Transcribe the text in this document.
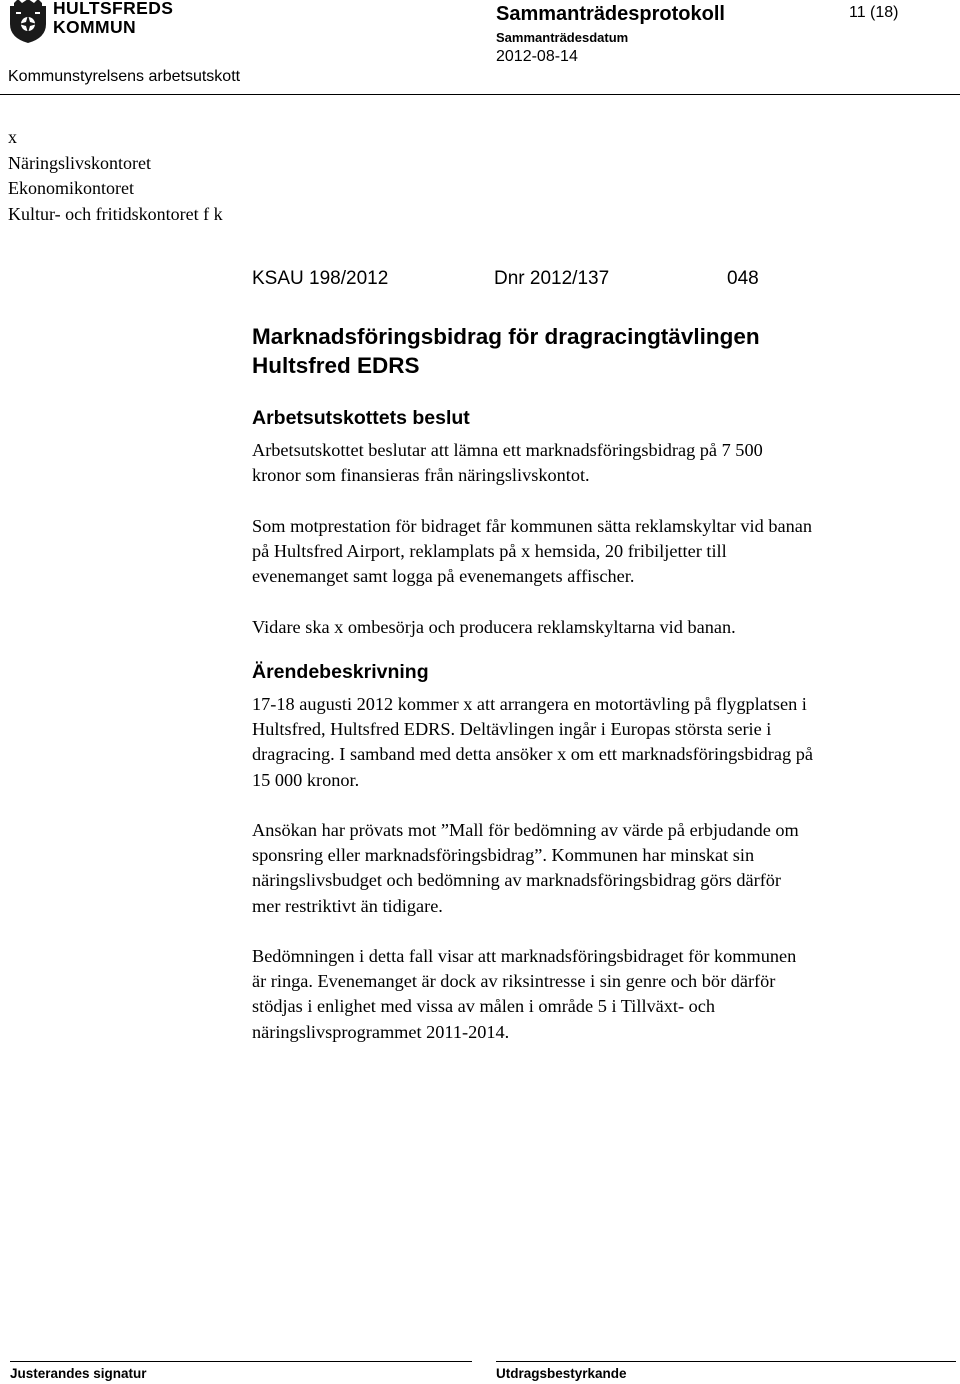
HULTSFREDS
KOMMUN
Sammanträdesprotokoll
Sammanträdesdatum
2012-08-14
11 (18)
Kommunstyrelsens arbetsutskott
x
Näringslivskontoret
Ekonomikontoret
Kultur- och fritidskontoret f k
KSAU 198/2012	Dnr 2012/137	048
Marknadsföringsbidrag för dragracingtävlingen
Hultsfred EDRS
Arbetsutskottets beslut
Arbetsutskottet beslutar att lämna ett marknadsföringsbidrag på 7 500
kronor som finansieras från näringslivskontot.
Som motprestation för bidraget får kommunen sätta reklamskyltar vid banan
på Hultsfred Airport, reklamplats på x hemsida, 20 fribiljetter till
evenemanget samt logga på evenemangets affischer.
Vidare ska x ombesörja och producera reklamskyltarna vid banan.
Ärendebeskrivning
17-18 augusti 2012 kommer x att arrangera en motortävling på flygplatsen i
Hultsfred, Hultsfred EDRS. Deltävlingen ingår i Europas största serie i
dragracing. I samband med detta ansöker x om ett marknadsföringsbidrag på
15 000 kronor.
Ansökan har prövats mot ”Mall för bedömning av värde på erbjudande om
sponsring eller marknadsföringsbidrag”. Kommunen har minskat sin
näringslivsbudget och bedömning av marknadsföringsbidrag görs därför
mer restriktivt än tidigare.
Bedömningen i detta fall visar att marknadsföringsbidraget för kommunen
är ringa. Evenemanget är dock av riksintresse i sin genre och bör därför
stödjas i enlighet med vissa av målen i område 5 i Tillväxt- och
näringslivsprogrammet 2011-2014.
Justerandes signatur	Utdragsbestyrkande
